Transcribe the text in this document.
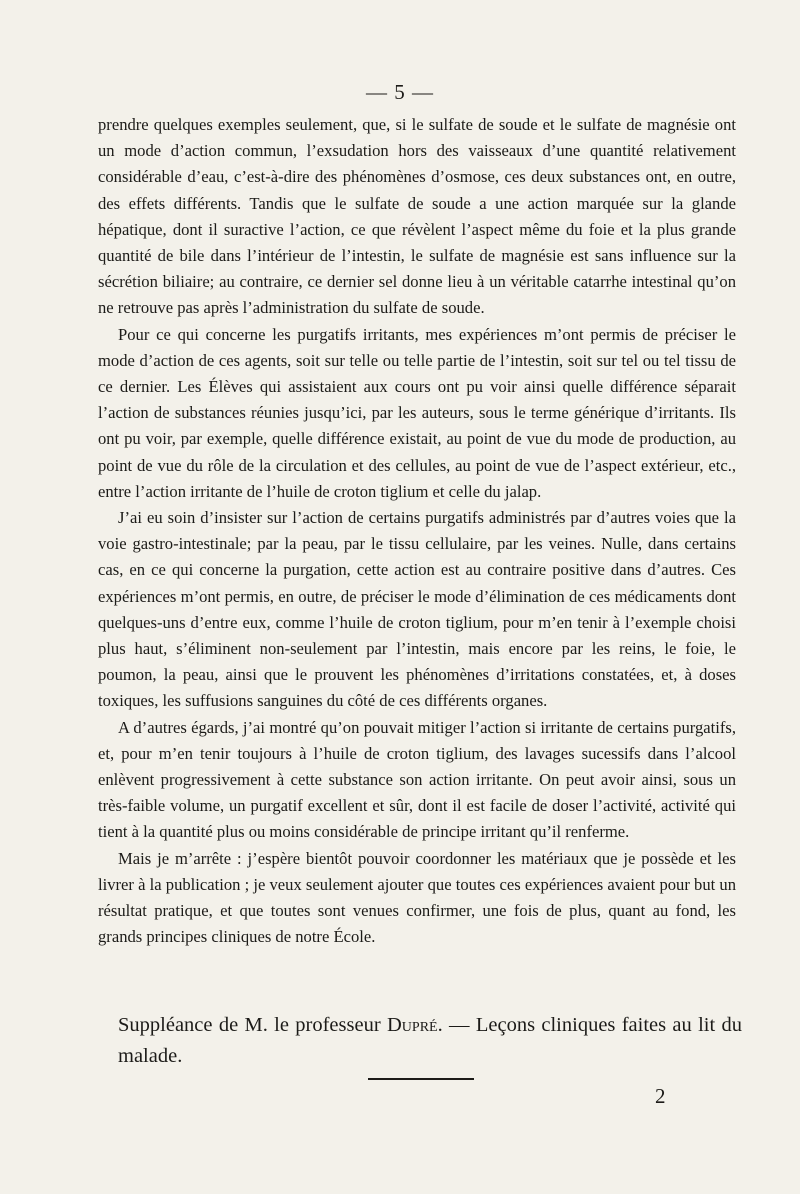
— 5 —

prendre quelques exemples seulement, que, si le sulfate de soude et le sulfate de magnésie ont un mode d’action commun, l’exsudation hors des vaisseaux d’une quantité relativement considérable d’eau, c’est-à-dire des phénomènes d’osmose, ces deux substances ont, en outre, des effets différents. Tandis que le sulfate de soude a une action marquée sur la glande hépatique, dont il suractive l’action, ce que révèlent l’aspect même du foie et la plus grande quantité de bile dans l’intérieur de l’intestin, le sulfate de magnésie est sans influence sur la sécrétion biliaire; au contraire, ce dernier sel donne lieu à un véritable catarrhe intestinal qu’on ne retrouve pas après l’administration du sulfate de soude.

Pour ce qui concerne les purgatifs irritants, mes expériences m’ont permis de préciser le mode d’action de ces agents, soit sur telle ou telle partie de l’intestin, soit sur tel ou tel tissu de ce dernier. Les Élèves qui assistaient aux cours ont pu voir ainsi quelle différence séparait l’action de substances réunies jusqu’ici, par les auteurs, sous le terme générique d’irritants. Ils ont pu voir, par exemple, quelle différence existait, au point de vue du mode de production, au point de vue du rôle de la circulation et des cellules, au point de vue de l’aspect extérieur, etc., entre l’action irritante de l’huile de croton tiglium et celle du jalap.

J’ai eu soin d’insister sur l’action de certains purgatifs administrés par d’autres voies que la voie gastro-intestinale; par la peau, par le tissu cellulaire, par les veines. Nulle, dans certains cas, en ce qui concerne la purgation, cette action est au contraire positive dans d’autres. Ces expériences m’ont permis, en outre, de préciser le mode d’élimination de ces médicaments dont quelques-uns d’entre eux, comme l’huile de croton tiglium, pour m’en tenir à l’exemple choisi plus haut, s’éliminent non-seulement par l’intestin, mais encore par les reins, le foie, le poumon, la peau, ainsi que le prouvent les phénomènes d’irritations constatées, et, à doses toxiques, les suffusions sanguines du côté de ces différents organes.

A d’autres égards, j’ai montré qu’on pouvait mitiger l’action si irritante de certains purgatifs, et, pour m’en tenir toujours à l’huile de croton tiglium, des lavages sucessifs dans l’alcool enlèvent progressivement à cette substance son action irritante. On peut avoir ainsi, sous un très-faible volume, un purgatif excellent et sûr, dont il est facile de doser l’activité, activité qui tient à la quantité plus ou moins considérable de principe irritant qu’il renferme.

Mais je m’arrête : j’espère bientôt pouvoir coordonner les matériaux que je possède et les livrer à la publication ; je veux seulement ajouter que toutes ces expériences avaient pour but un résultat pratique, et que toutes sont venues confirmer, une fois de plus, quant au fond, les grands principes cliniques de notre École.

Suppléance de M. le professeur Dupré. — Leçons cliniques faites au lit du malade.

2
